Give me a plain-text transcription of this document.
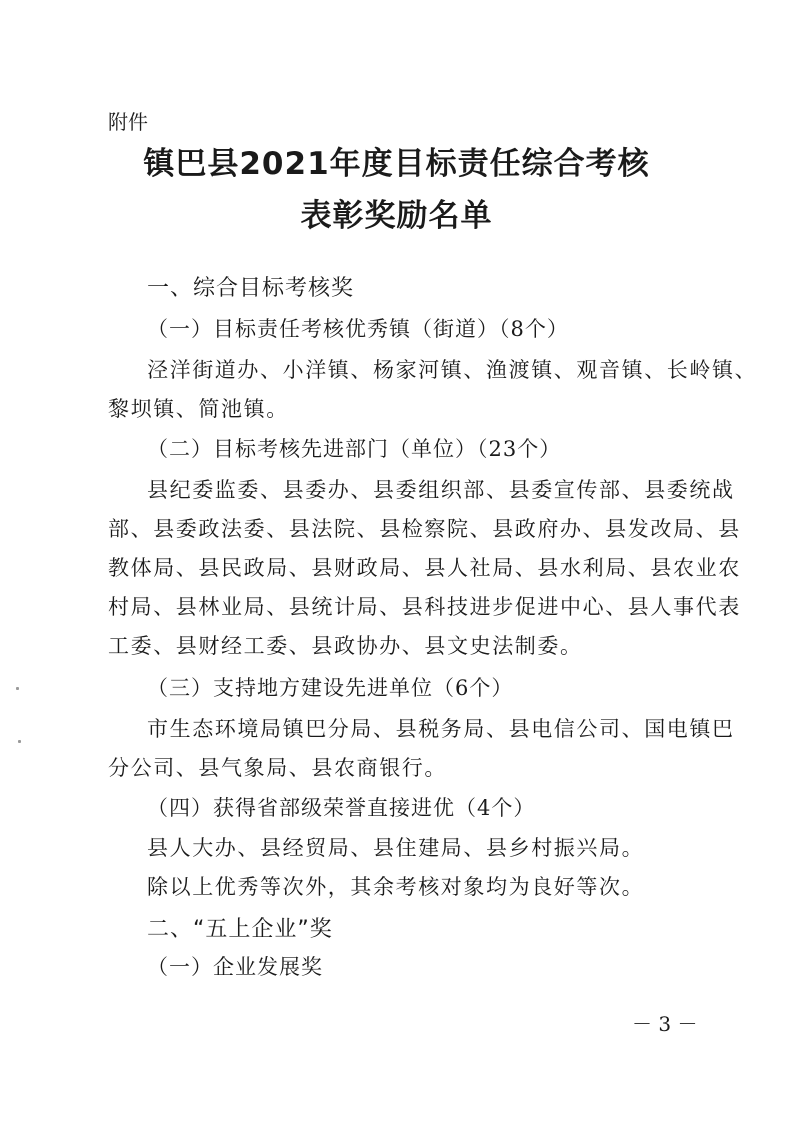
附件
镇巴县2021年度目标责任综合考核
表彰奖励名单
一、综合目标考核奖
（一）目标责任考核优秀镇（街道）（8个）
泾洋街道办、小洋镇、杨家河镇、渔渡镇、观音镇、长岭镇、
黎坝镇、简池镇。
（二）目标考核先进部门（单位）（23个）
县纪委监委、县委办、县委组织部、县委宣传部、县委统战
部、县委政法委、县法院、县检察院、县政府办、县发改局、县
教体局、县民政局、县财政局、县人社局、县水利局、县农业农
村局、县林业局、县统计局、县科技进步促进中心、县人事代表
工委、县财经工委、县政协办、县文史法制委。
（三）支持地方建设先进单位（6个）
市生态环境局镇巴分局、县税务局、县电信公司、国电镇巴
分公司、县气象局、县农商银行。
（四）获得省部级荣誉直接进优（4个）
县人大办、县经贸局、县住建局、县乡村振兴局。
除以上优秀等次外，其余考核对象均为良好等次。
二、“五上企业”奖
（一）企业发展奖
－ 3 －
